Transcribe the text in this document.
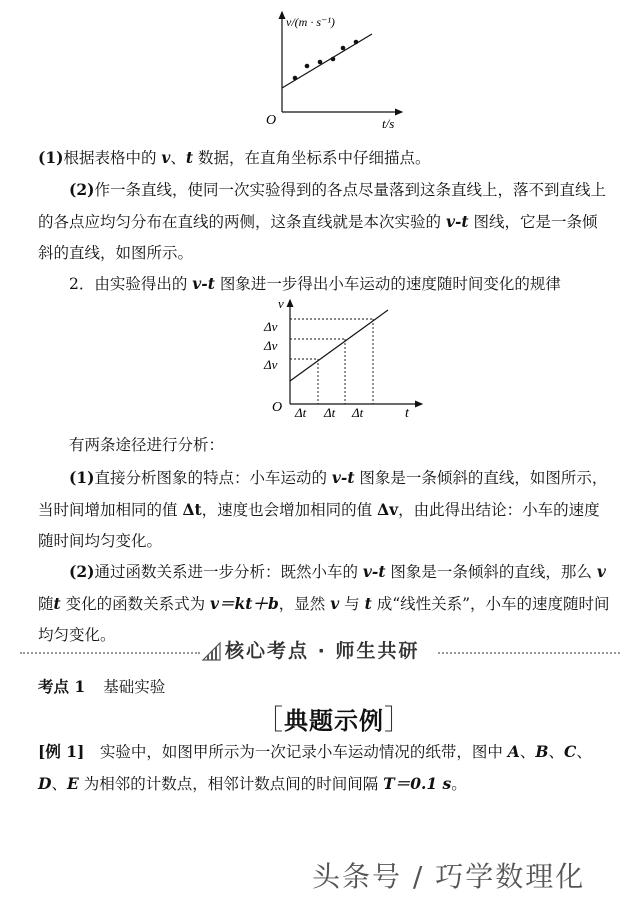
v/(m · s⁻¹)
t/s
O
(1)根据表格中的 v、t 数据，在直角坐标系中仔细描点。
(2)作一条直线，使同一次实验得到的各点尽量落到这条直线上，落不到直线上的各点应均匀分布在直线的两侧，这条直线就是本次实验的 v-t 图线，它是一条倾斜的直线，如图所示。
2．由实验得出的 v-t 图象进一步得出小车运动的速度随时间变化的规律
v
Δv
Δv
Δv
O Δt Δt Δt	t
有两条途径进行分析：
(1)直接分析图象的特点：小车运动的 v-t 图象是一条倾斜的直线，如图所示，当时间增加相同的值 Δt，速度也会增加相同的值 Δv，由此得出结论：小车的速度随时间均匀变化。
(2)通过函数关系进一步分析：既然小车的 v-t 图象是一条倾斜的直线，那么 v 随t 变化的函数关系式为 v＝kt＋b，显然 v 与 t 成“线性关系”，小车的速度随时间均匀变化。
核心考点 · 师生共研
考点 1 基础实验
［典题示例］
[例 1]　实验中，如图甲所示为一次记录小车运动情况的纸带，图中 A、B、C、D、E 为相邻的计数点，相邻计数点间的时间间隔 T＝0.1 s。
头条号 / 巧学数理化
